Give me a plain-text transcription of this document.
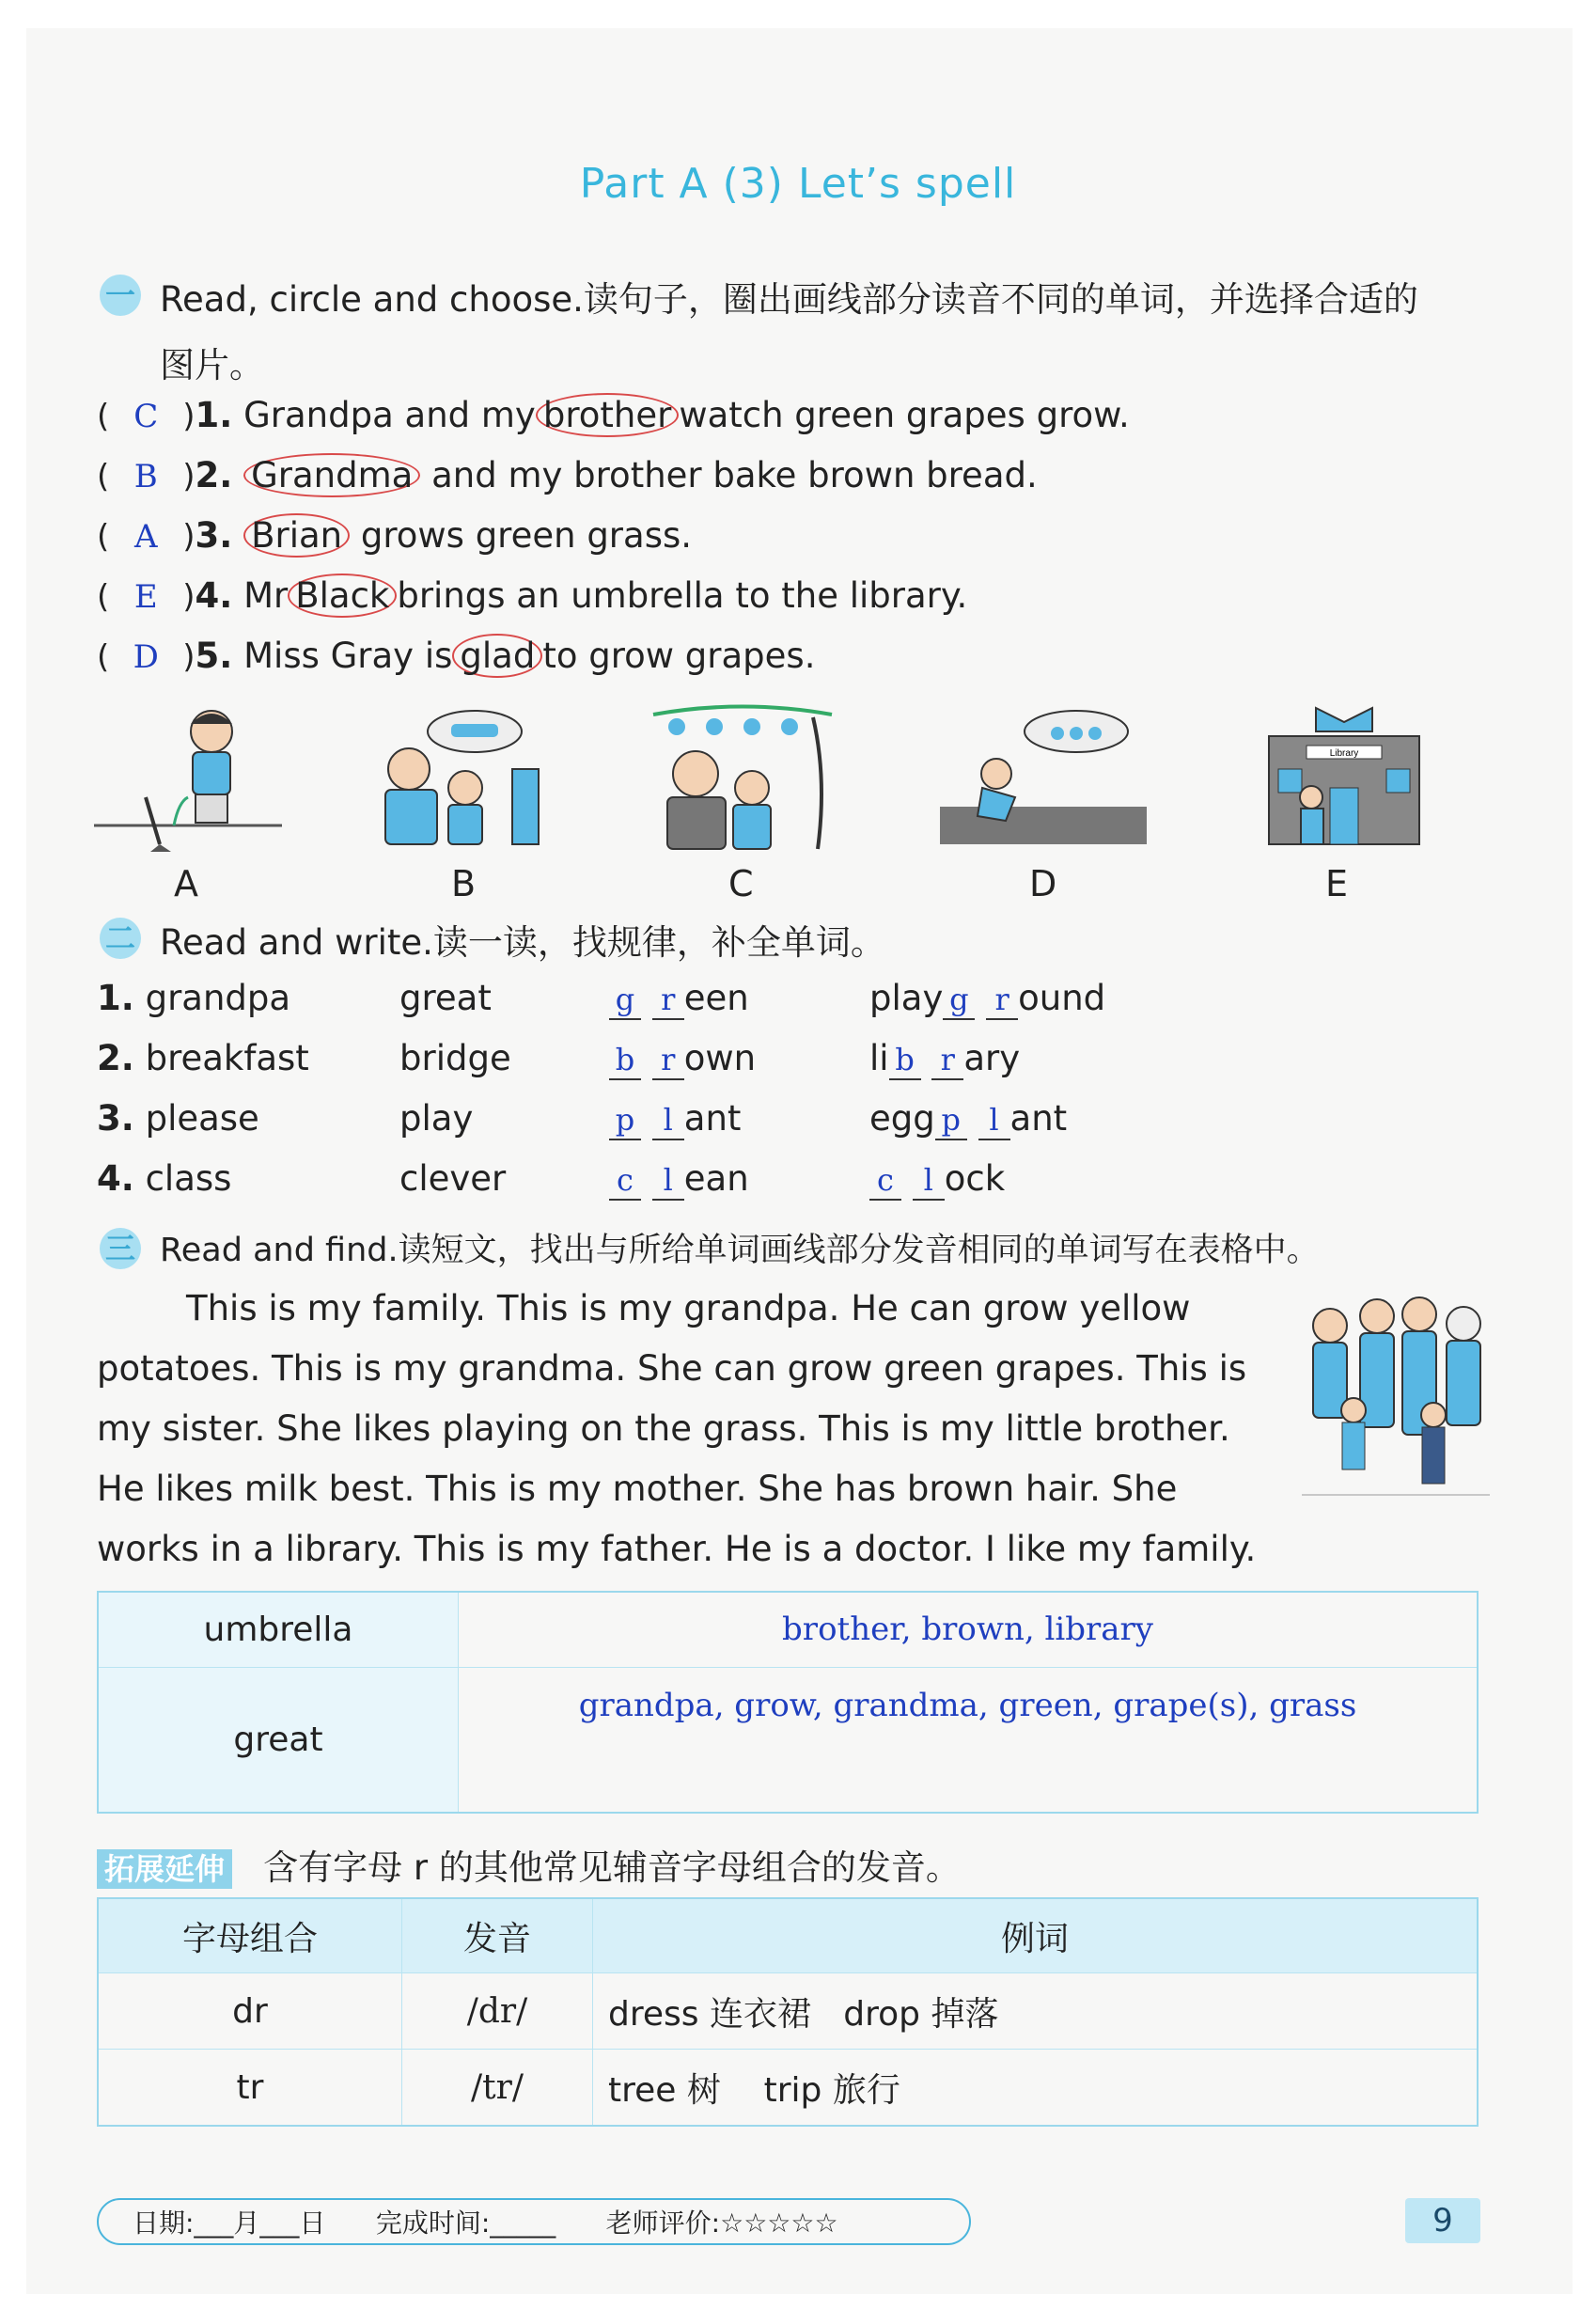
Part A (3) Let’s spell
一 Read, circle and choose.读句子，圈出画线部分读音不同的单词，并选择合适的
图片。
( C )1. Grandpa and my brother watch green grapes grow.
( B )2. Grandma and my brother bake brown bread.
( A )3. Brian grows green grass.
( E )4. Mr Black brings an umbrella to the library.
( D )5. Miss Gray is glad to grow grapes.
A	B	C	D
Library
E
二 Read and write.读一读，找规律，补全单词。
1. grandpa	great	g r een	play g r ound
2. breakfast	bridge	b r own	li b r ary
3. please	play	p l ant	egg p l ant
4. class	clever	c l ean	c l ock
三 Read and find.读短文，找出与所给单词画线部分发音相同的单词写在表格中。
This is my family. This is my grandpa. He can grow yellow
potatoes. This is my grandma. She can grow green grapes. This is
my sister. She likes playing on the grass. This is my little brother.
He likes milk best. This is my mother. She has brown hair. She
works in a library. This is my father. He is a doctor. I like my family.
umbrella	brother, brown, library
great	grandpa, grow, grandma, green, grape(s), grass
拓展延伸 含有字母 r 的其他常见辅音字母组合的发音。
字母组合	发音	例词
dr	/dr/	dress 连衣裙   drop 掉落
tr	/tr/	tree 树    trip 旅行
日期:___月___日      完成时间:_____      老师评价:☆☆☆☆☆	9
